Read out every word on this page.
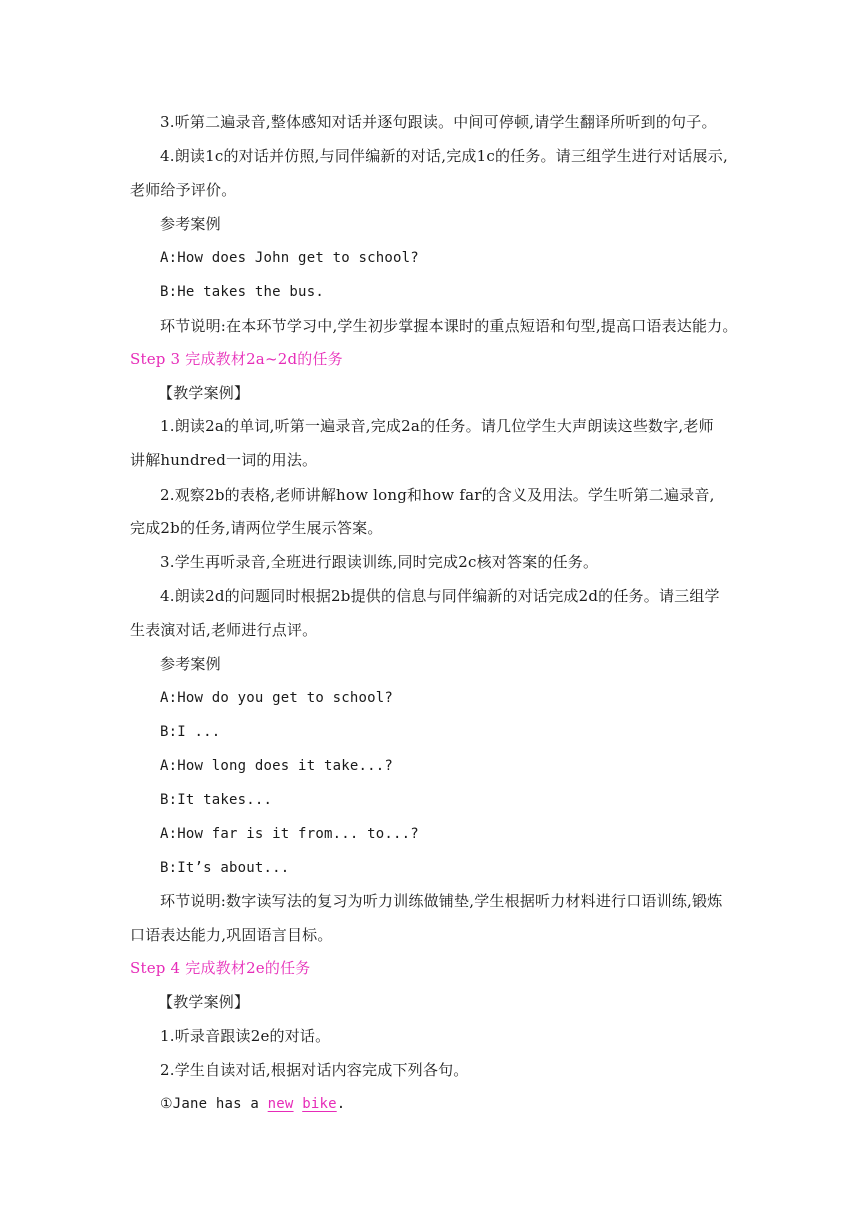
3.听第二遍录音,整体感知对话并逐句跟读。中间可停顿,请学生翻译所听到的句子。
4.朗读1c的对话并仿照,与同伴编新的对话,完成1c的任务。请三组学生进行对话展示,
老师给予评价。
参考案例
A:How does John get to school?
B:He takes the bus.
环节说明:在本环节学习中,学生初步掌握本课时的重点短语和句型,提高口语表达能力。
Step 3 完成教材2a~2d的任务
【教学案例】
1.朗读2a的单词,听第一遍录音,完成2a的任务。请几位学生大声朗读这些数字,老师
讲解hundred一词的用法。
2.观察2b的表格,老师讲解how long和how far的含义及用法。学生听第二遍录音,
完成2b的任务,请两位学生展示答案。
3.学生再听录音,全班进行跟读训练,同时完成2c核对答案的任务。
4.朗读2d的问题同时根据2b提供的信息与同伴编新的对话完成2d的任务。请三组学
生表演对话,老师进行点评。
参考案例
A:How do you get to school?
B:I ...
A:How long does it take...?
B:It takes...
A:How far is it from... to...?
B:It’s about...
环节说明:数字读写法的复习为听力训练做铺垫,学生根据听力材料进行口语训练,锻炼
口语表达能力,巩固语言目标。
Step 4 完成教材2e的任务
【教学案例】
1.听录音跟读2e的对话。
2.学生自读对话,根据对话内容完成下列各句。
①Jane has a new bike.
